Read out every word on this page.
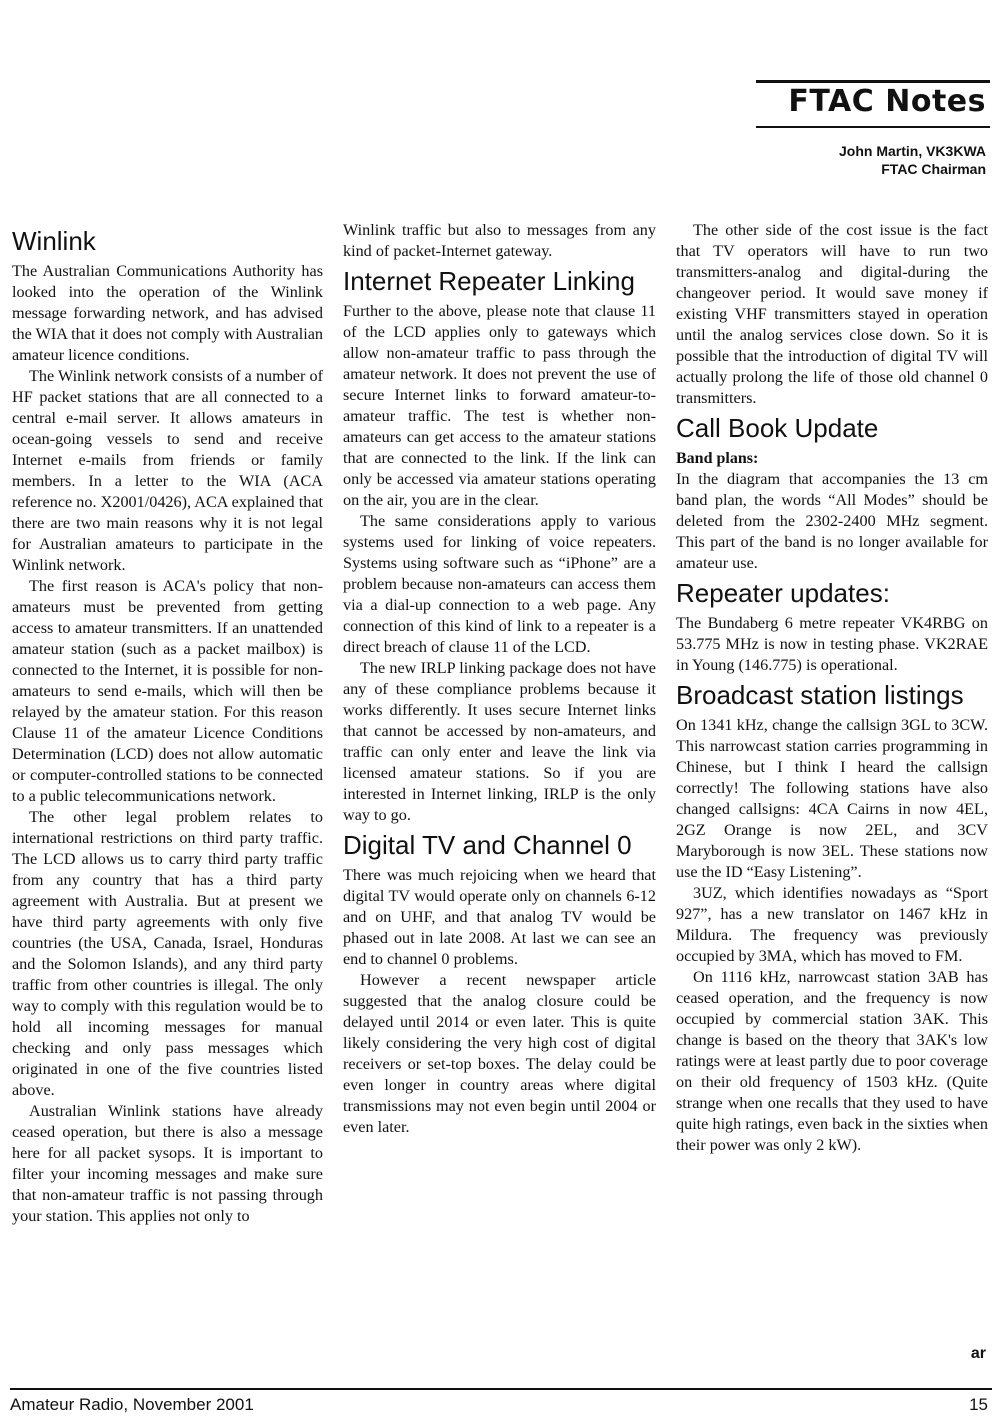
FTAC Notes
John Martin, VK3KWA
FTAC Chairman
Winlink

The Australian Communications Authority has looked into the operation of the Winlink message forwarding network, and has advised the WIA that it does not comply with Australian amateur licence conditions.

The Winlink network consists of a number of HF packet stations that are all connected to a central e-mail server. It allows amateurs in ocean-going vessels to send and receive Internet e-mails from friends or family members. In a letter to the WIA (ACA reference no. X2001/0426), ACA explained that there are two main reasons why it is not legal for Australian amateurs to participate in the Winlink network.

The first reason is ACA's policy that non-amateurs must be prevented from getting access to amateur transmitters. If an unattended amateur station (such as a packet mailbox) is connected to the Internet, it is possible for non-amateurs to send e-mails, which will then be relayed by the amateur station. For this reason Clause 11 of the amateur Licence Conditions Determination (LCD) does not allow automatic or computer-controlled stations to be connected to a public telecommunications network.

The other legal problem relates to international restrictions on third party traffic. The LCD allows us to carry third party traffic from any country that has a third party agreement with Australia. But at present we have third party agreements with only five countries (the USA, Canada, Israel, Honduras and the Solomon Islands), and any third party traffic from other countries is illegal. The only way to comply with this regulation would be to hold all incoming messages for manual checking and only pass messages which originated in one of the five countries listed above.

Australian Winlink stations have already ceased operation, but there is also a message here for all packet sysops. It is important to filter your incoming messages and make sure that non-amateur traffic is not passing through your station. This applies not only to

Winlink traffic but also to messages from any kind of packet-Internet gateway.

Internet Repeater Linking

Further to the above, please note that clause 11 of the LCD applies only to gateways which allow non-amateur traffic to pass through the amateur network. It does not prevent the use of secure Internet links to forward amateur-to-amateur traffic. The test is whether non-amateurs can get access to the amateur stations that are connected to the link. If the link can only be accessed via amateur stations operating on the air, you are in the clear.

The same considerations apply to various systems used for linking of voice repeaters. Systems using software such as “iPhone” are a problem because non-amateurs can access them via a dial-up connection to a web page. Any connection of this kind of link to a repeater is a direct breach of clause 11 of the LCD.

The new IRLP linking package does not have any of these compliance problems because it works differently. It uses secure Internet links that cannot be accessed by non-amateurs, and traffic can only enter and leave the link via licensed amateur stations. So if you are interested in Internet linking, IRLP is the only way to go.

Digital TV and Channel 0

There was much rejoicing when we heard that digital TV would operate only on channels 6-12 and on UHF, and that analog TV would be phased out in late 2008. At last we can see an end to channel 0 problems.

However a recent newspaper article suggested that the analog closure could be delayed until 2014 or even later. This is quite likely considering the very high cost of digital receivers or set-top boxes. The delay could be even longer in country areas where digital transmissions may not even begin until 2004 or even later.

The other side of the cost issue is the fact that TV operators will have to run two transmitters-analog and digital-during the changeover period. It would save money if existing VHF transmitters stayed in operation until the analog services close down. So it is possible that the introduction of digital TV will actually prolong the life of those old channel 0 transmitters.

Call Book Update
Band plans:

In the diagram that accompanies the 13 cm band plan, the words “All Modes” should be deleted from the 2302-2400 MHz segment. This part of the band is no longer available for amateur use.

Repeater updates:

The Bundaberg 6 metre repeater VK4RBG on 53.775 MHz is now in testing phase. VK2RAE in Young (146.775) is operational.

Broadcast station listings

On 1341 kHz, change the callsign 3GL to 3CW. This narrowcast station carries programming in Chinese, but I think I heard the callsign correctly! The following stations have also changed callsigns: 4CA Cairns in now 4EL, 2GZ Orange is now 2EL, and 3CV Maryborough is now 3EL. These stations now use the ID “Easy Listening”.

3UZ, which identifies nowadays as “Sport 927”, has a new translator on 1467 kHz in Mildura. The frequency was previously occupied by 3MA, which has moved to FM.

On 1116 kHz, narrowcast station 3AB has ceased operation, and the frequency is now occupied by commercial station 3AK. This change is based on the theory that 3AK's low ratings were at least partly due to poor coverage on their old frequency of 1503 kHz. (Quite strange when one recalls that they used to have quite high ratings, even back in the sixties when their power was only 2 kW).

ar
Amateur Radio, November 2001	15
